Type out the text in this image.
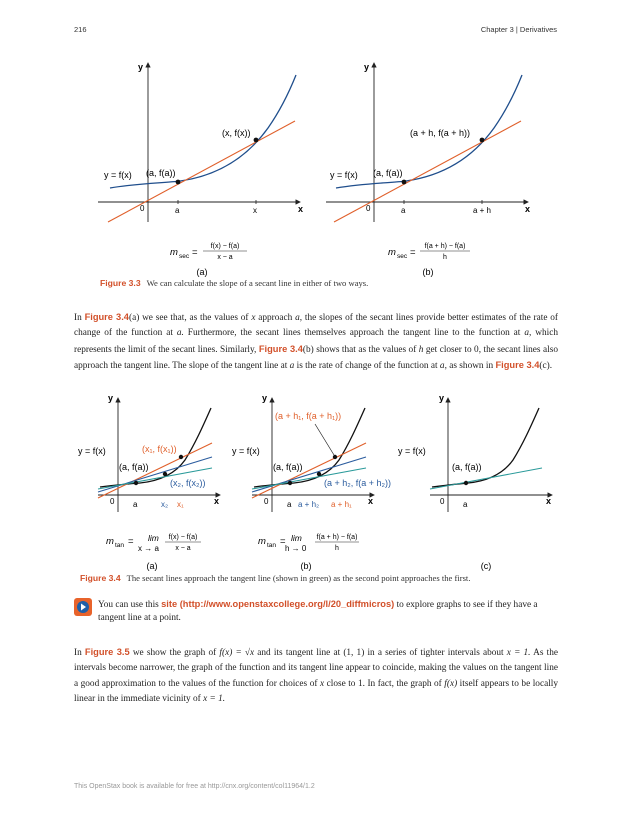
216	Chapter 3 | Derivatives
y
x
y = f(x) (a, f(a))
(x, f(x))
0	a	x
m sec =
f(x) − f(a)
x − a
(a)
y
x
y = f(x) (a, f(a))
(a + h, f(a + h))
0	a	a + h
m sec =
f(a + h) − f(a)
h
(b)
Figure 3.3 We can calculate the slope of a secant line in either of two ways.
In Figure 3.4(a) we see that, as the values of x approach a, the slopes of the secant lines provide better estimates of the rate of change of the function at a. Furthermore, the secant lines themselves approach the tangent line to the function at a, which represents the limit of the secant lines. Similarly, Figure 3.4(b) shows that as the values of h get closer to 0, the secant lines also approach the tangent line. The slope of the tangent line at a is the rate of change of the function at a, as shown in Figure 3.4(c).
y
x
y = f(x)
(a, f(a))
(x₁, f(x₁))
(x₂, f(x₂))
0 a	x₂ x₁
m tan = lim
x → a
f(x) − f(a)
x − a
(a)
y
x
y = f(x)
(a, f(a))
(a + h₁, f(a + h₁))
(a + h₂, f(a + h₂))
0 a a + h₂ a + h₁
m tan = lim
h → 0
f(a + h) − f(a)
h
(b)
y
x
y = f(x)
(a, f(a))
0 a
(c)
Figure 3.4 The secant lines approach the tangent line (shown in green) as the second point approaches the first.
You can use this site (http://www.openstaxcollege.org/l/20_diffmicros) to explore graphs to see if they have a tangent line at a point.
In Figure 3.5 we show the graph of f(x) = √x and its tangent line at (1, 1) in a series of tighter intervals about x = 1. As the intervals become narrower, the graph of the function and its tangent line appear to coincide, making the values on the tangent line a good approximation to the values of the function for choices of x close to 1. In fact, the graph of f(x) itself appears to be locally linear in the immediate vicinity of x = 1.
This OpenStax book is available for free at http://cnx.org/content/col11964/1.2
